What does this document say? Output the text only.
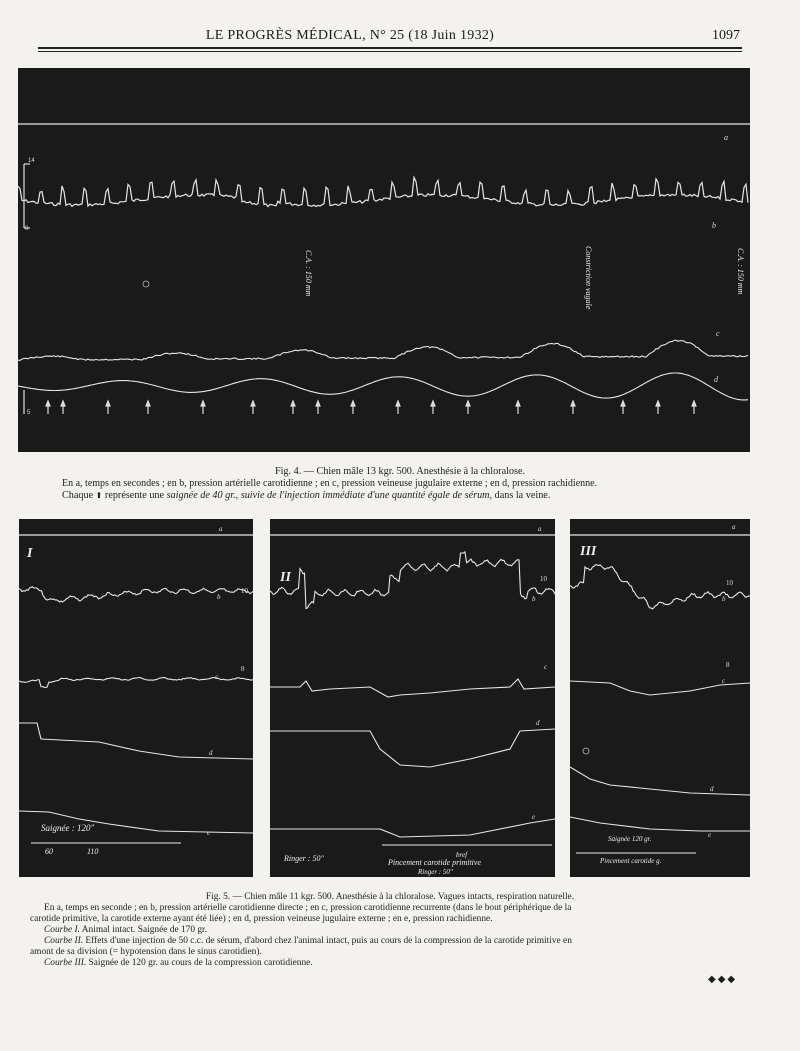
LE PROGRÈS MÉDICAL, N° 25 (18 Juin 1932)	1097
14
0
5
a
b
c
d
C.A. : 150 mm	Constriction vagale	C.A. : 150 mm

Fig. 4. — Chien mâle 13 kgr. 500. Anesthésie à la chloralose.

En a, temps en secondes ; en b, pression artérielle carotidienne ; en c, pression veineuse jugulaire externe ; en d, pression rachidienne.

Chaque ⬆ représente une saignée de 40 gr., suivie de l'injection immédiate d'une quantité égale de sérum, dans la veine.

I
a
b
10
c
8
d
e
Saignée : 120"
60	110
II
a
10
b
c
d
e
Ringer : 50"	bref
Pincement carotide primitive
Ringer : 50"
III
a
10
b
8
c
d
e
Saignée 120 gr.
Pincement carotide g.

Fig. 5. — Chien mâle 11 kgr. 500. Anesthésie à la chloralose. Vagues intacts, respiration naturelle.

En a, temps en seconde ; en b, pression artérielle carotidienne directe ; en c, pression carotidienne recurrente (dans le bout périphérique de la

carotide primitive, la carotide externe ayant été liée) ; en d, pression veineuse jugulaire externe ; en e, pression rachidienne.

Courbe I. Animal intact. Saignée de 170 gr.

Courbe II. Effets d'une injection de 50 c.c. de sérum, d'abord chez l'animal intact, puis au cours de la compression de la carotide primitive en

amont de sa division (= hypotension dans le sinus carotidien).

Courbe III. Saignée de 120 gr. au cours de la compression carotidienne.

◆◆◆
